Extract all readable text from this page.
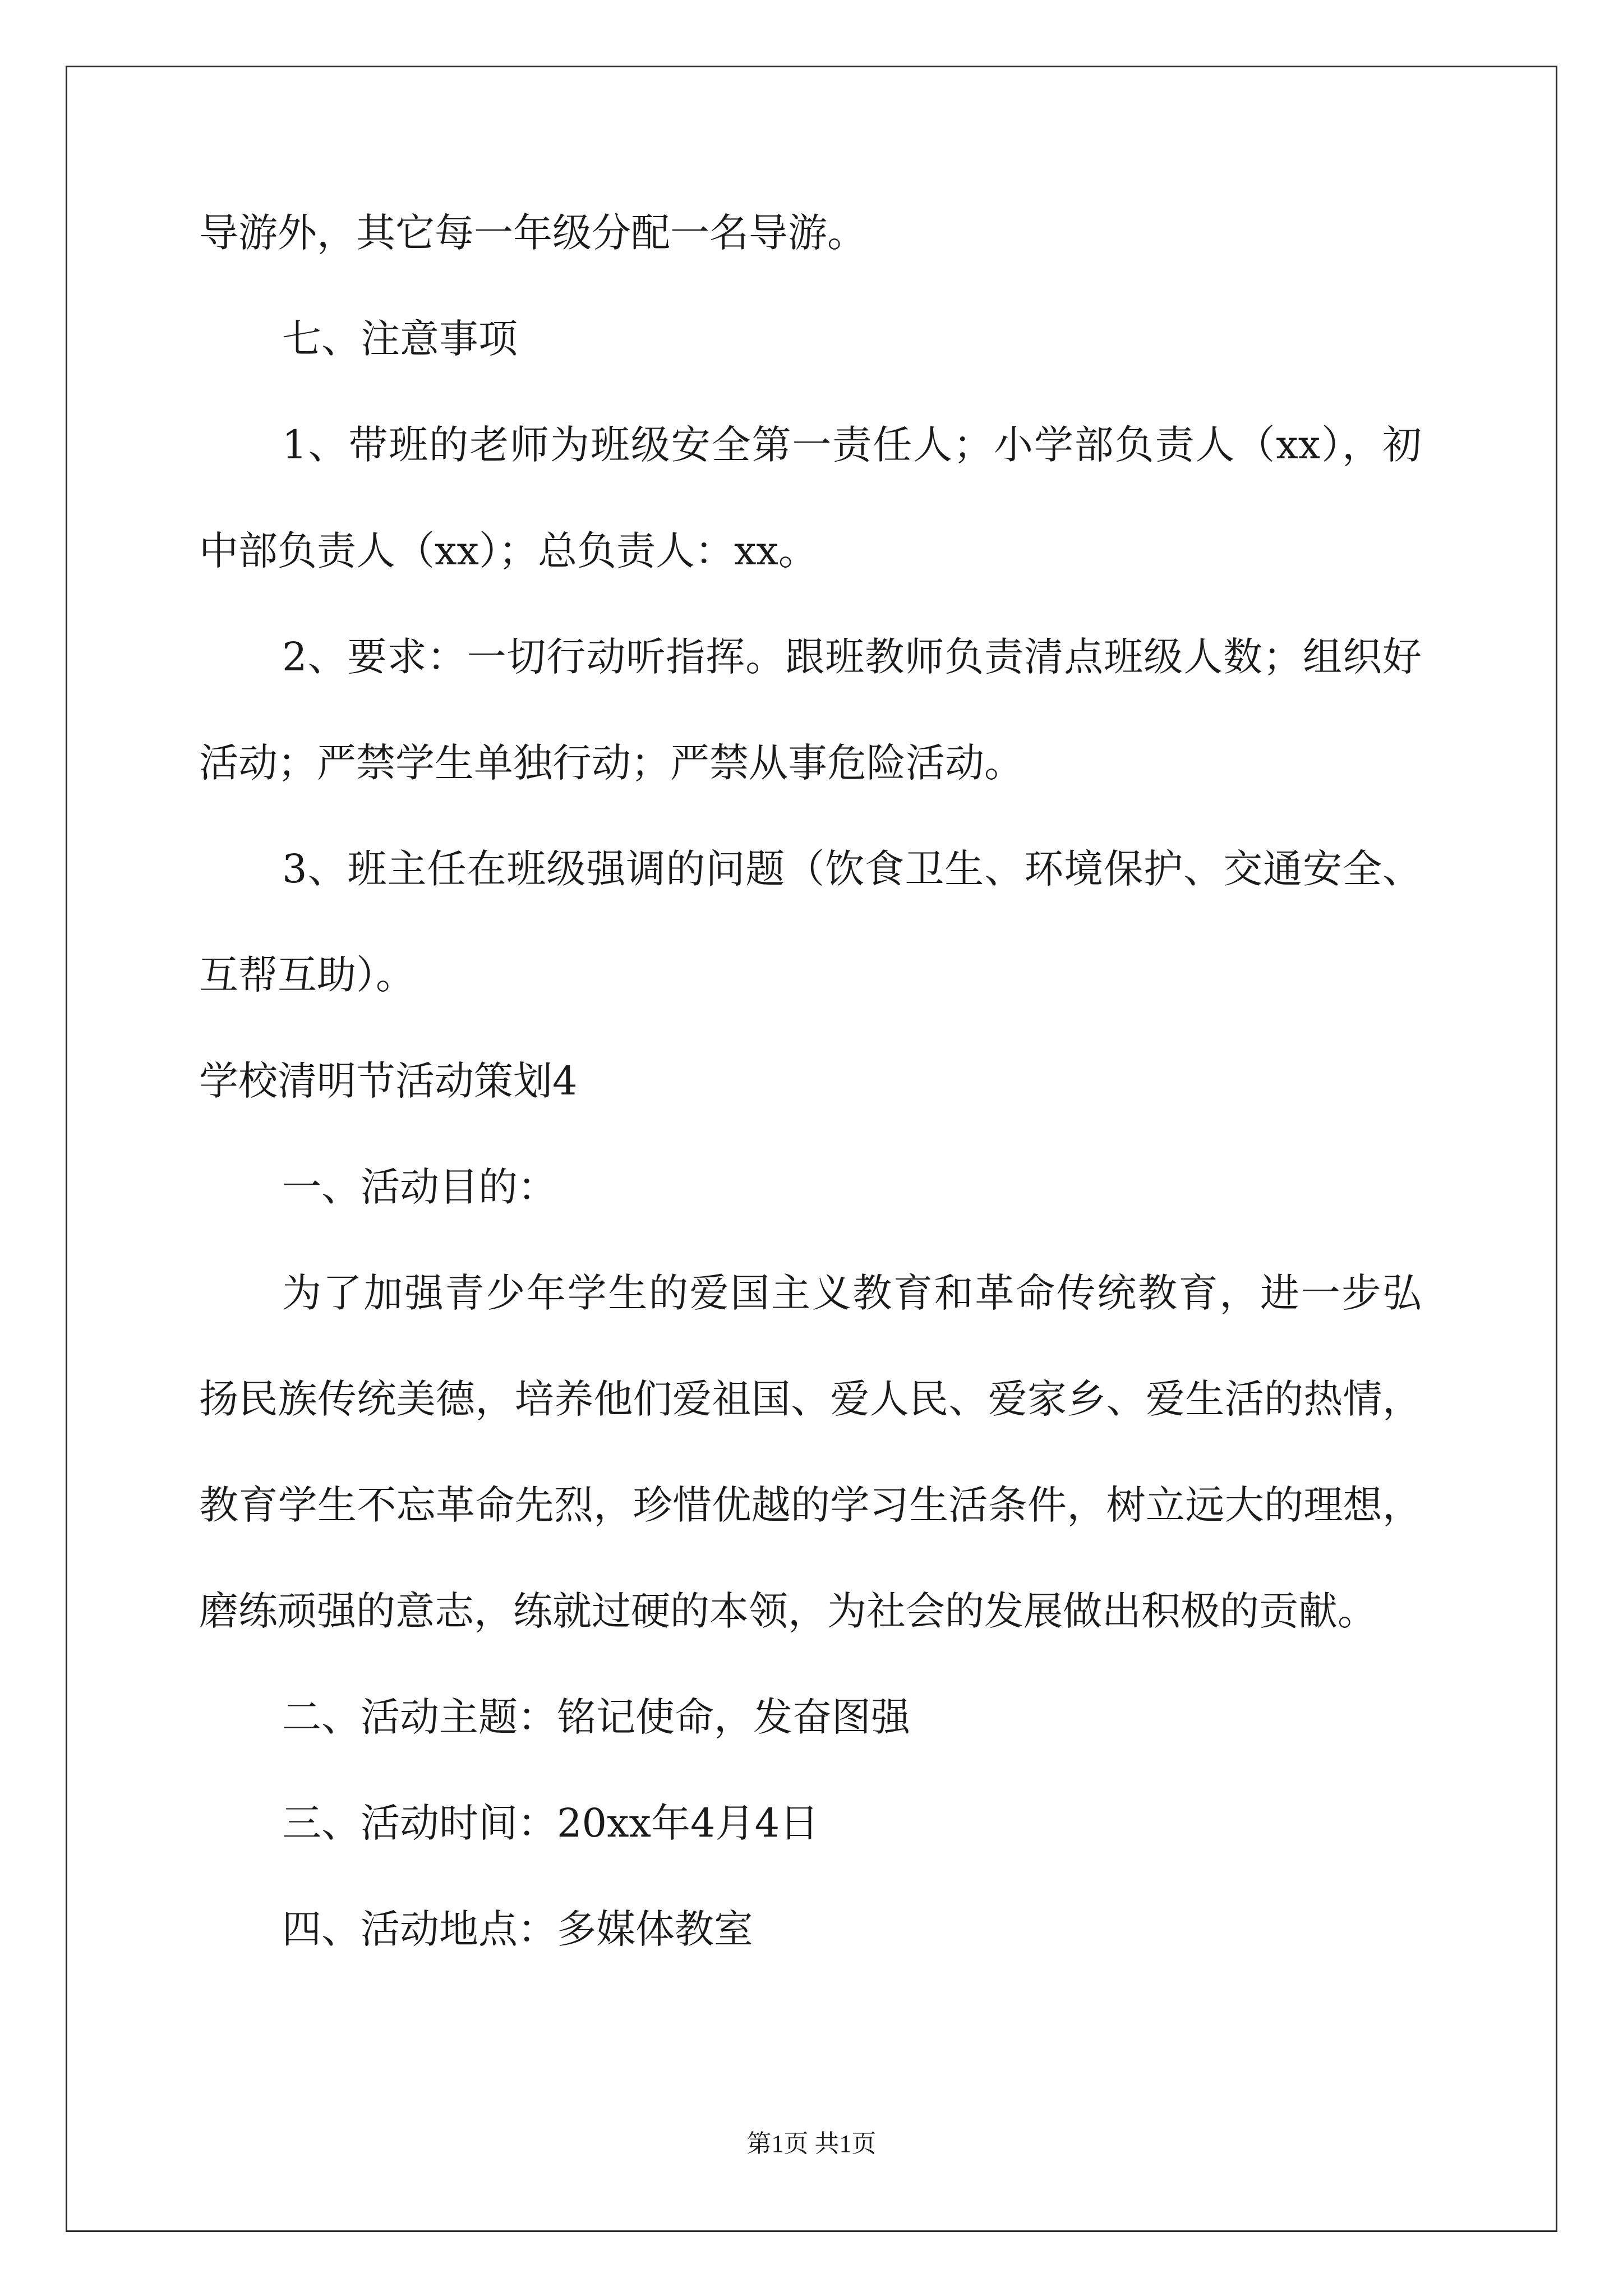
导游外，其它每一年级分配一名导游。
七、注意事项
1、带班的老师为班级安全第一责任人；小学部负责人（xx），初
中部负责人（xx）；总负责人：xx。
2、要求：一切行动听指挥。跟班教师负责清点班级人数；组织好
活动；严禁学生单独行动；严禁从事危险活动。
3、班主任在班级强调的问题（饮食卫生、环境保护、交通安全、
互帮互助）。
学校清明节活动策划4
一、活动目的：
为了加强青少年学生的爱国主义教育和革命传统教育，进一步弘
扬民族传统美德，培养他们爱祖国、爱人民、爱家乡、爱生活的热情，
教育学生不忘革命先烈，珍惜优越的学习生活条件，树立远大的理想，
磨练顽强的意志，练就过硬的本领，为社会的发展做出积极的贡献。
二、活动主题：铭记使命，发奋图强
三、活动时间：20xx年4月4日
四、活动地点：多媒体教室
第1页 共1页
